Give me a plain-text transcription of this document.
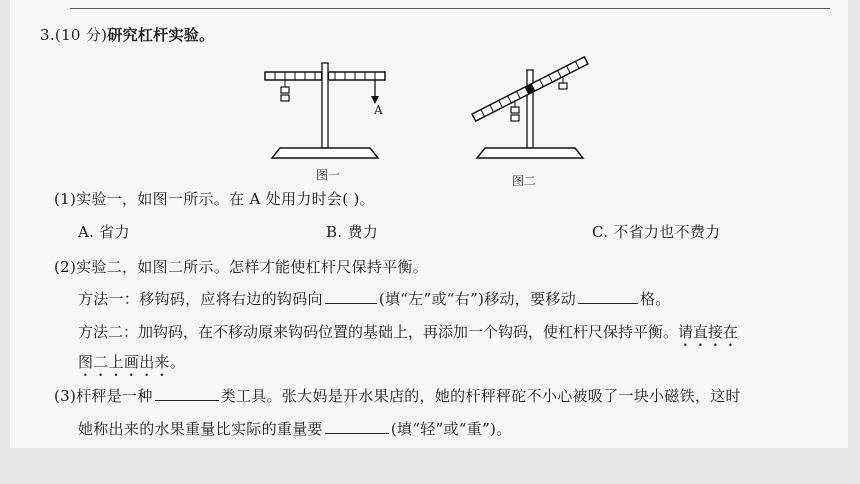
3.(10 分)研究杠杆实验。
A
图一	图二
(1)实验一，如图一所示。在 A 处用力时会( )。
A. 省力	B. 费力	C. 不省力也不费力
(2)实验二，如图二所示。怎样才能使杠杆尺保持平衡。
方法一：移钩码，应将右边的钩码向	(填“左”或“右”)移动，要移动	格。
方法二：加钩码，在不移动原来钩码位置的基础上，再添加一个钩码，使杠杆尺保持平衡。请直接在
图二上画出来。
(3)杆秤是一种	类工具。张大妈是开水果店的，她的杆秤秤砣不小心被吸了一块小磁铁，这时
她称出来的水果重量比实际的重量要	(填“轻”或“重”)。
